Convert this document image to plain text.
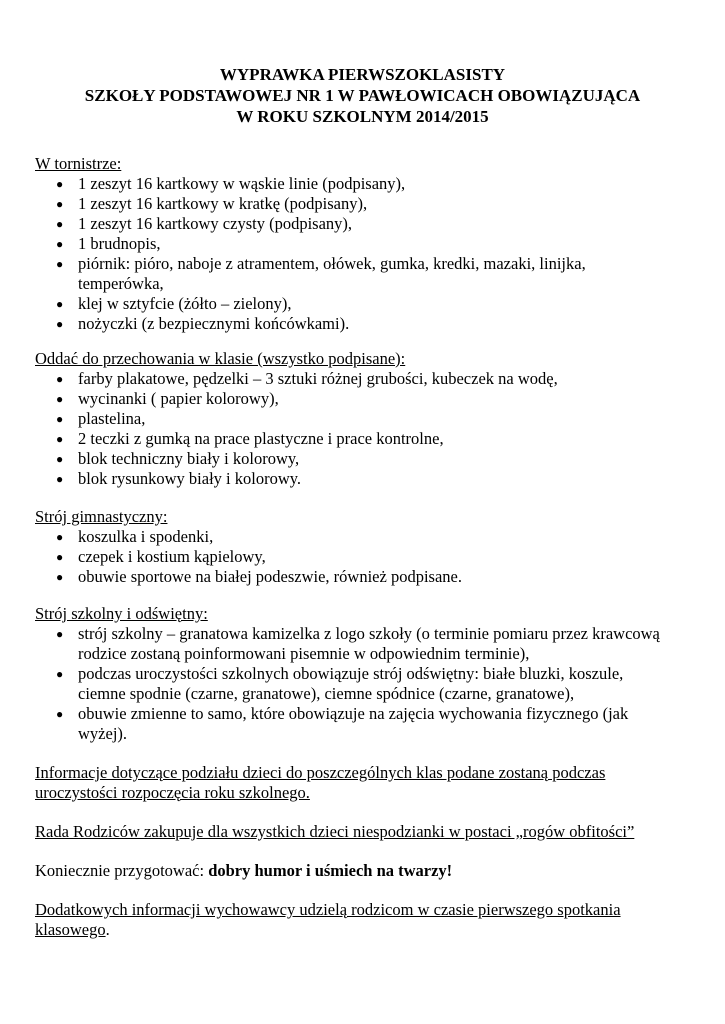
WYPRAWKA PIERWSZOKLASISTY
SZKOŁY PODSTAWOWEJ NR 1 W PAWŁOWICACH OBOWIĄZUJĄCA
W ROKU SZKOLNYM 2014/2015
W tornistrze:
● 1 zeszyt 16 kartkowy w wąskie linie (podpisany),
● 1 zeszyt 16 kartkowy w kratkę (podpisany),
● 1 zeszyt 16 kartkowy czysty (podpisany),
● 1 brudnopis,
● piórnik: pióro, naboje z atramentem, ołówek, gumka, kredki, mazaki, linijka, temperówka,
● klej w sztyfcie (żółto – zielony),
● nożyczki (z bezpiecznymi końcówkami).
Oddać do przechowania w klasie (wszystko podpisane):
● farby plakatowe, pędzelki – 3 sztuki różnej grubości, kubeczek na wodę,
● wycinanki ( papier kolorowy),
● plastelina,
● 2 teczki z gumką na prace plastyczne i prace kontrolne,
● blok techniczny biały i kolorowy,
● blok rysunkowy biały i kolorowy.
Strój gimnastyczny:
● koszulka i spodenki,
● czepek i kostium kąpielowy,
● obuwie sportowe na białej podeszwie, również podpisane.
Strój szkolny i odświętny:
● strój szkolny – granatowa kamizelka z logo szkoły (o terminie pomiaru przez krawcową rodzice zostaną poinformowani pisemnie w odpowiednim terminie),
● podczas uroczystości szkolnych obowiązuje strój odświętny: białe bluzki, koszule, ciemne spodnie (czarne, granatowe), ciemne spódnice (czarne, granatowe),
● obuwie zmienne to samo, które obowiązuje na zajęcia wychowania fizycznego (jak wyżej).
Informacje dotyczące podziału dzieci do poszczególnych klas podane zostaną podczas uroczystości rozpoczęcia roku szkolnego.
Rada Rodziców zakupuje dla wszystkich dzieci niespodzianki w postaci „rogów obfitości”
Koniecznie przygotować: dobry humor i uśmiech na twarzy!
Dodatkowych informacji wychowawcy udzielą rodzicom w czasie pierwszego spotkania klasowego.
